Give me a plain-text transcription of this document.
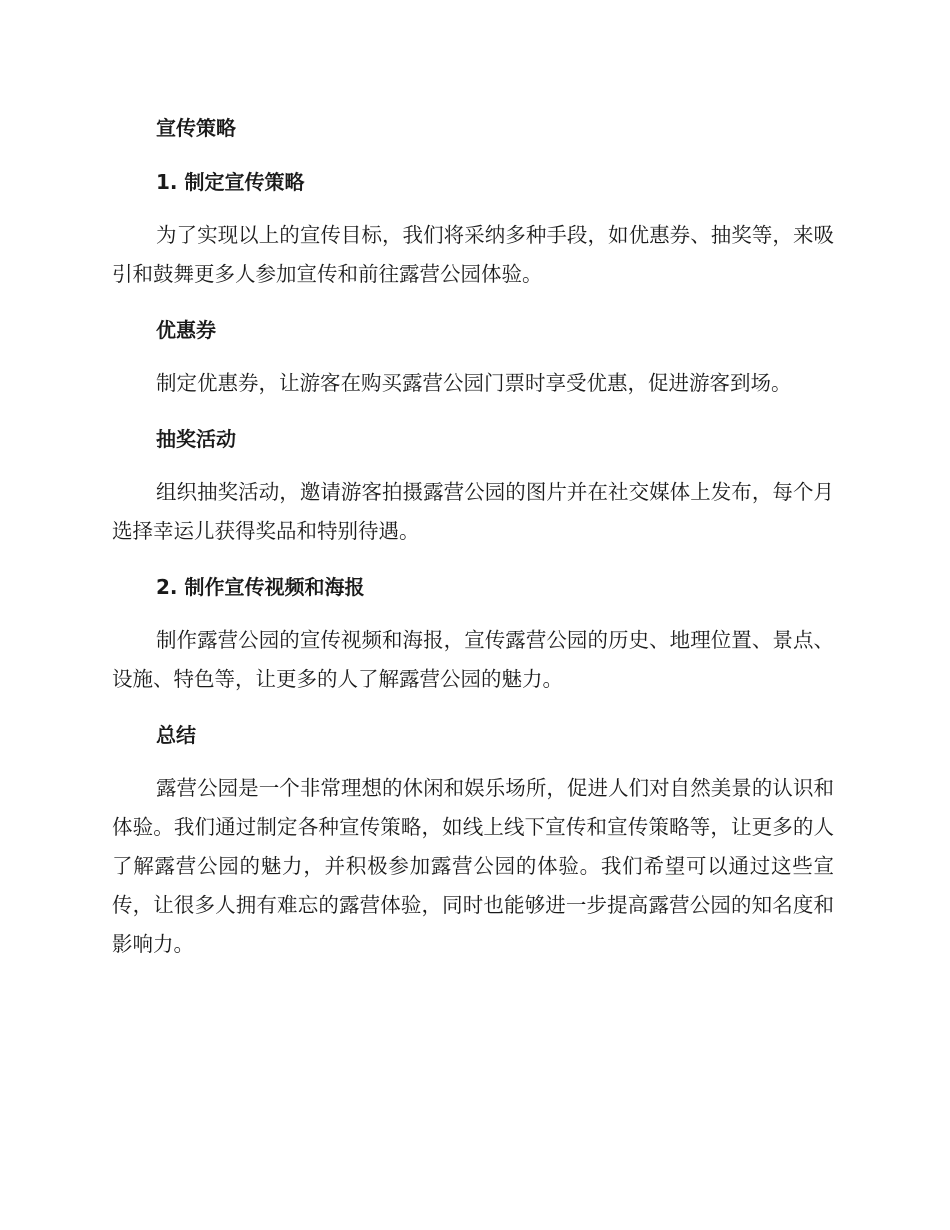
宣传策略
1. 制定宣传策略
为了实现以上的宣传目标，我们将采纳多种手段，如优惠券、抽奖等，来吸引和鼓舞更多人参加宣传和前往露营公园体验。
优惠券
制定优惠券，让游客在购买露营公园门票时享受优惠，促进游客到场。
抽奖活动
组织抽奖活动，邀请游客拍摄露营公园的图片并在社交媒体上发布，每个月选择幸运儿获得奖品和特别待遇。
2. 制作宣传视频和海报
制作露营公园的宣传视频和海报，宣传露营公园的历史、地理位置、景点、设施、特色等，让更多的人了解露营公园的魅力。
总结
露营公园是一个非常理想的休闲和娱乐场所，促进人们对自然美景的认识和体验。我们通过制定各种宣传策略，如线上线下宣传和宣传策略等，让更多的人了解露营公园的魅力，并积极参加露营公园的体验。我们希望可以通过这些宣传，让很多人拥有难忘的露营体验，同时也能够进一步提高露营公园的知名度和影响力。
